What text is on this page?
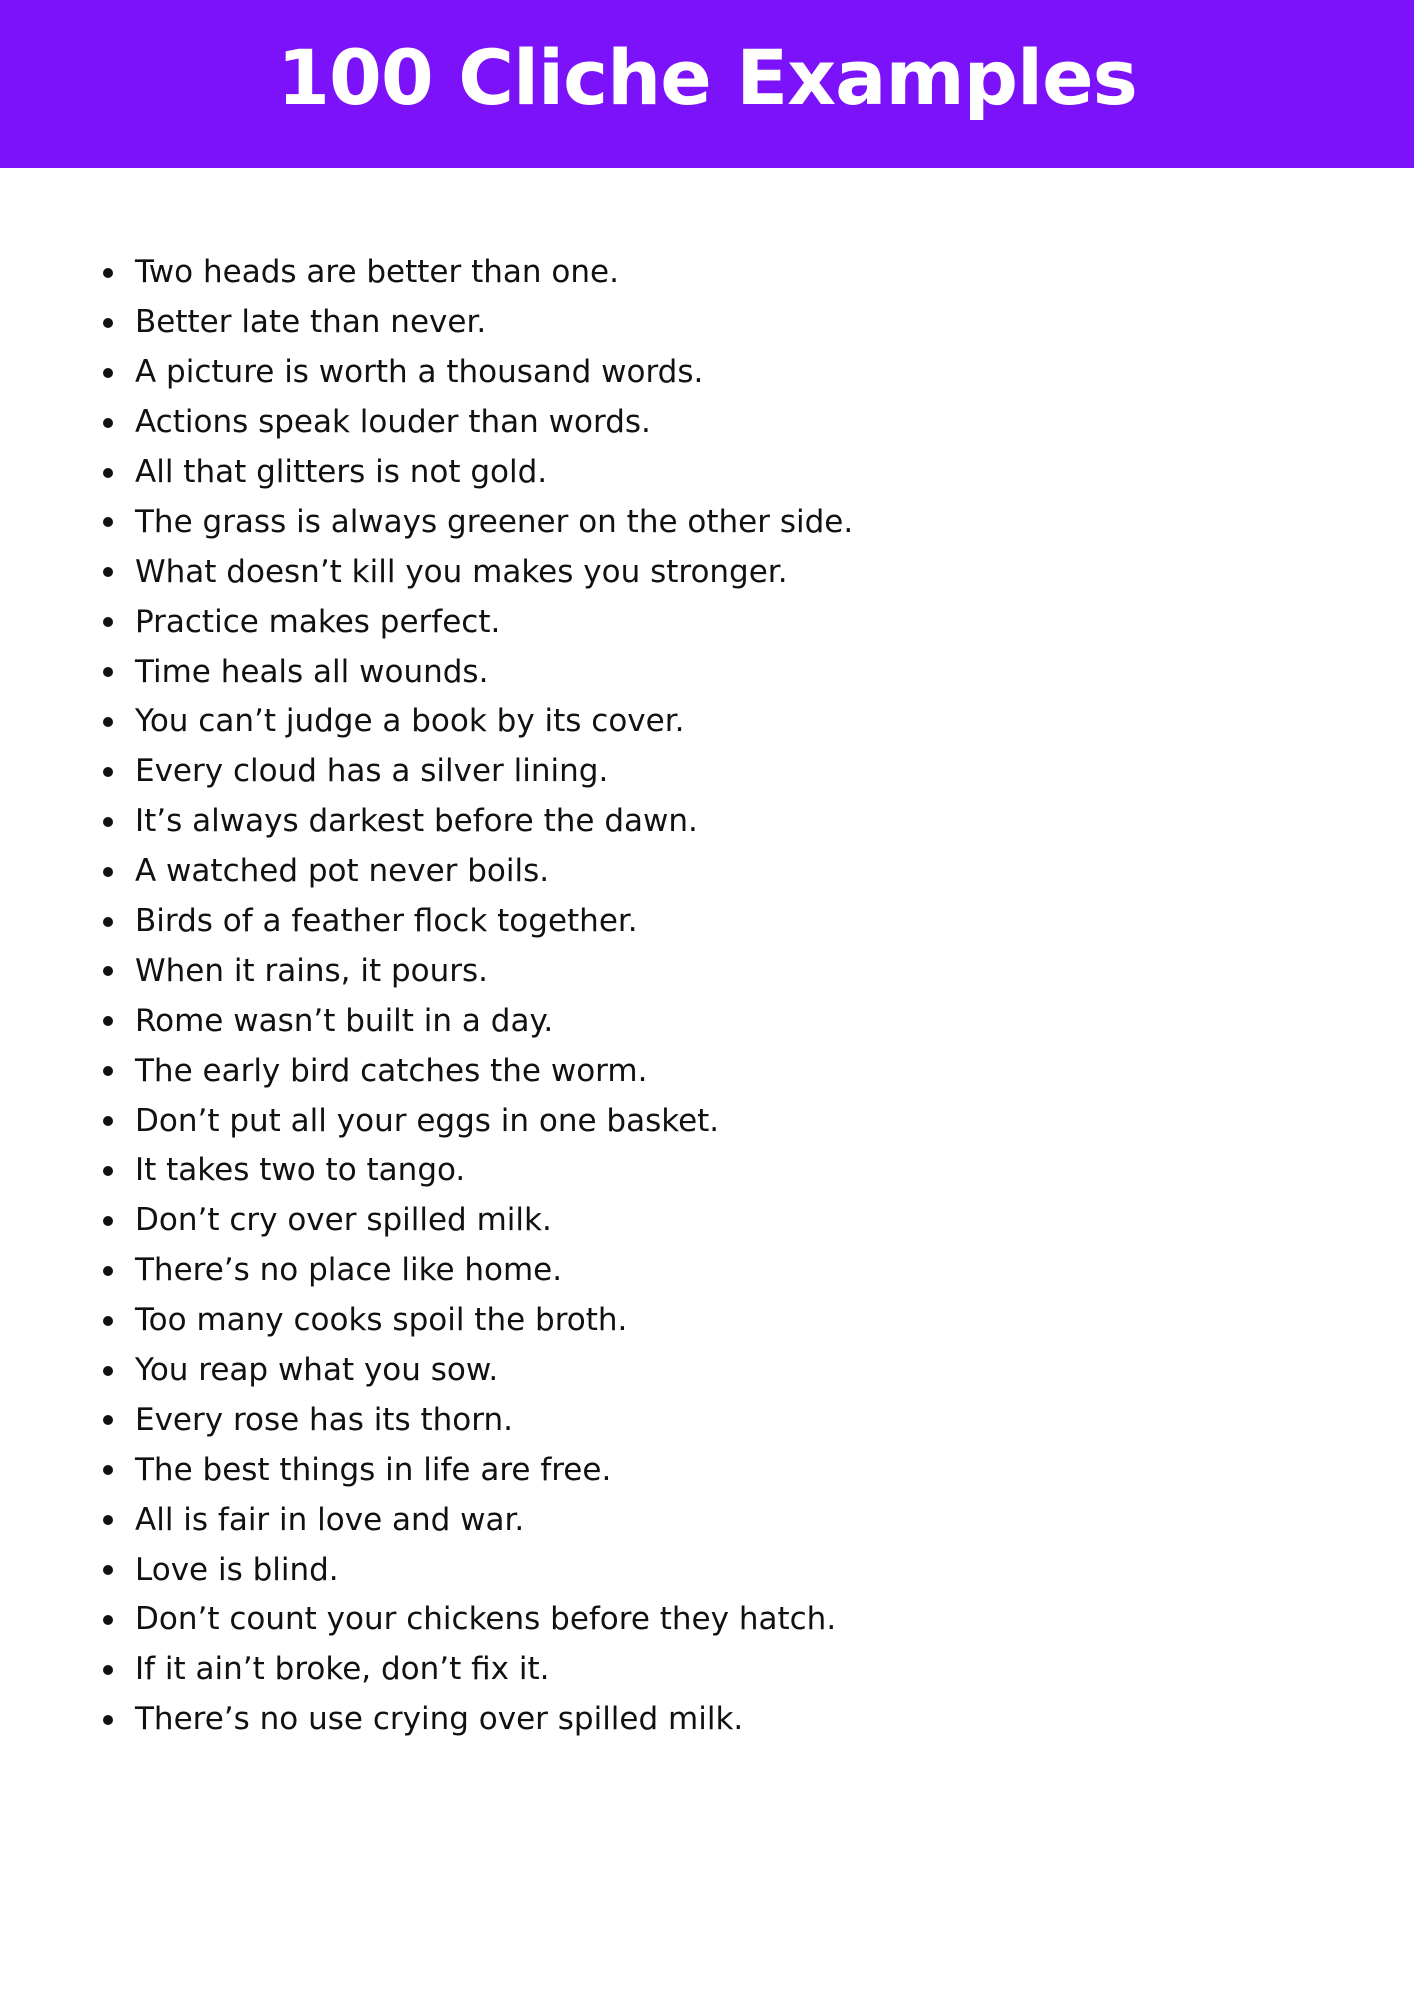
100 Cliche Examples
Two heads are better than one.
Better late than never.
A picture is worth a thousand words.
Actions speak louder than words.
All that glitters is not gold.
The grass is always greener on the other side.
What doesn’t kill you makes you stronger.
Practice makes perfect.
Time heals all wounds.
You can’t judge a book by its cover.
Every cloud has a silver lining.
It’s always darkest before the dawn.
A watched pot never boils.
Birds of a feather flock together.
When it rains, it pours.
Rome wasn’t built in a day.
The early bird catches the worm.
Don’t put all your eggs in one basket.
It takes two to tango.
Don’t cry over spilled milk.
There’s no place like home.
Too many cooks spoil the broth.
You reap what you sow.
Every rose has its thorn.
The best things in life are free.
All is fair in love and war.
Love is blind.
Don’t count your chickens before they hatch.
If it ain’t broke, don’t fix it.
There’s no use crying over spilled milk.
